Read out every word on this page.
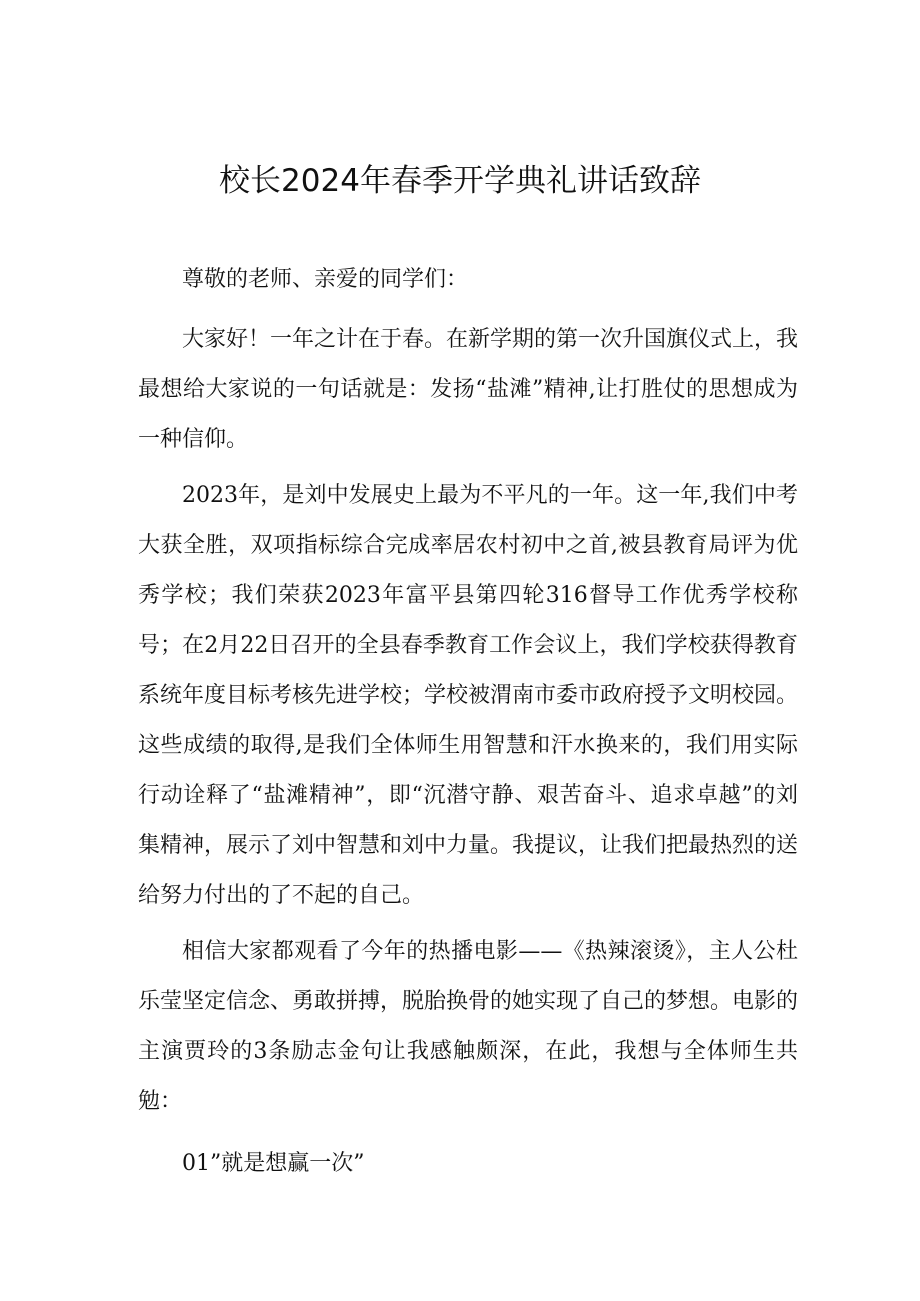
校长2024年春季开学典礼讲话致辞

尊敬的老师、亲爱的同学们：

大家好！一年之计在于春。在新学期的第一次升国旗仪式上，我最想给大家说的一句话就是：发扬“盐滩”精神,让打胜仗的思想成为一种信仰。

2023年，是刘中发展史上最为不平凡的一年。这一年,我们中考大获全胜，双项指标综合完成率居农村初中之首,被县教育局评为优秀学校；我们荣获2023年富平县第四轮316督导工作优秀学校称号；在2月22日召开的全县春季教育工作会议上，我们学校获得教育系统年度目标考核先进学校；学校被渭南市委市政府授予文明校园。这些成绩的取得,是我们全体师生用智慧和汗水换来的，我们用实际行动诠释了“盐滩精神”，即“沉潜守静、艰苦奋斗、追求卓越”的刘集精神，展示了刘中智慧和刘中力量。我提议，让我们把最热烈的送给努力付出的了不起的自己。

相信大家都观看了今年的热播电影——《热辣滚烫》，主人公杜乐莹坚定信念、勇敢拼搏，脱胎换骨的她实现了自己的梦想。电影的主演贾玲的3条励志金句让我感触颇深，在此，我想与全体师生共勉：

01”就是想赢一次”
